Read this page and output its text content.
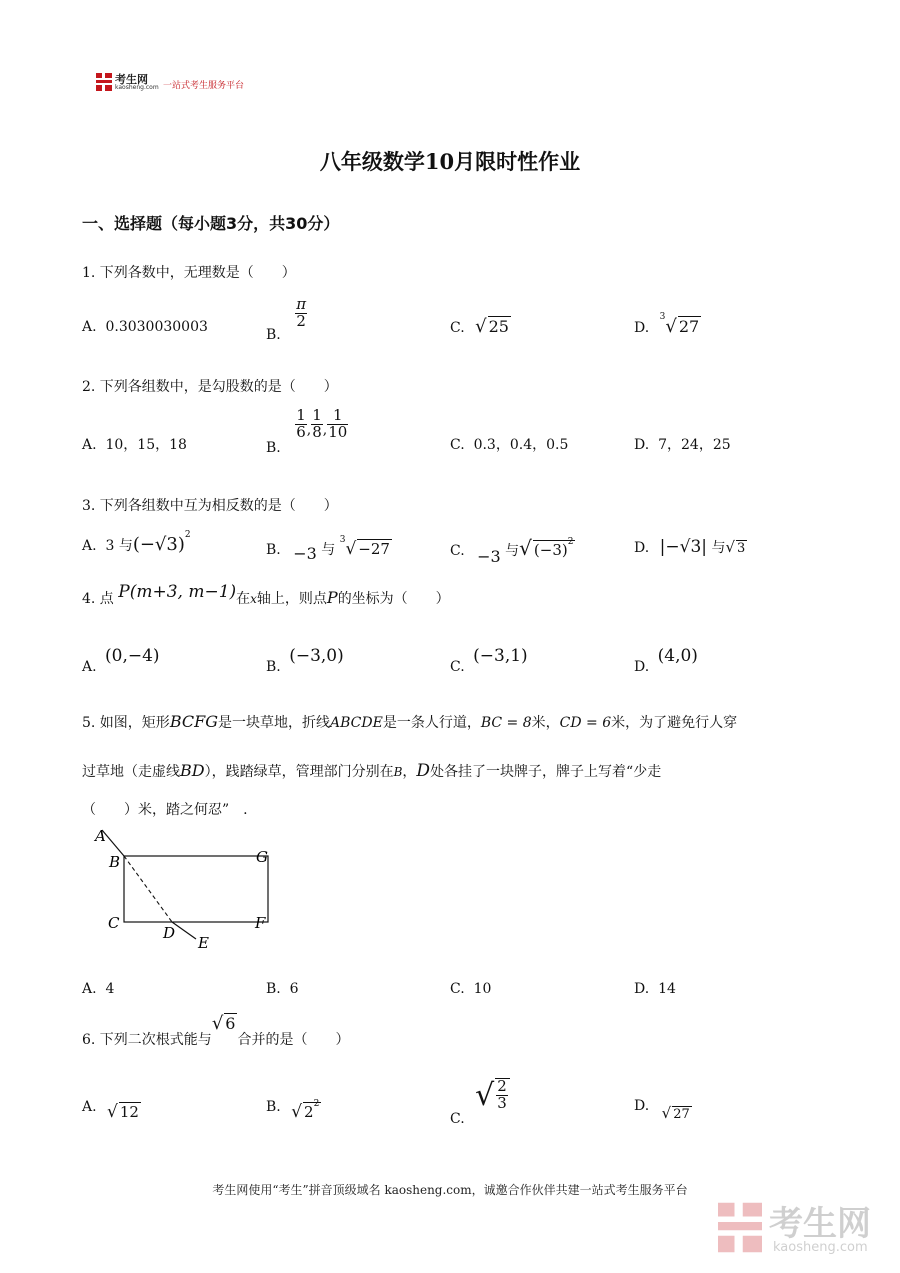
考生网
kaosheng.com 一站式考生服务平台
八年级数学10月限时性作业
一、选择题（每小题3分，共30分）
1. 下列各数中，无理数是（　　）
A. 0.3030030003
B.
$\frac{\pi}{2}$	C. √ 25	D. $^3$√ 27
2. 下列各组数中，是勾股数的是（　　）
A. 10，15，18	B.
$\frac{1}{6}$ , $\frac{1}{8}$ , $\frac{1}{10}$
C. 0.3，0.4，0.5	D. 7，24，25
3. 下列各组数中互为相反数的是（　　）
A. 3 与$(-√3)^2$
B. −3 与 $^3$√ −27	C. −3 与√ $(-3)^2$	D. |−√3| 与√ 3
4. 点 P(m+3, m−1)在x轴上，则点P的坐标为（　　）
A. (0,−4)
B. (−3,0)
C. (−3,1)
D. (4,0)
5. 如图，矩形BCFG是一块草地，折线ABCDE是一条人行道，BC = 8米，CD = 6米，为了避免行人穿
过草地（走虚线BD），践踏绿草，管理部门分别在B，D处各挂了一块牌子，牌子上写着“少走
（　　）米，踏之何忍”　.
A
B	G
C	F
D
E
A. 4	B. 6	C. 10	D. 14
6. 下列二次根式能与√ 6合并的是（　　）
A. √ 12	B. √ $2^2$
C. √ $\frac{2}{3}$	D. √ 27
考生网使用“考生”拼音顶级域名 kaosheng.com，诚邀合作伙伴共建一站式考生服务平台
考生网
kaosheng.com
